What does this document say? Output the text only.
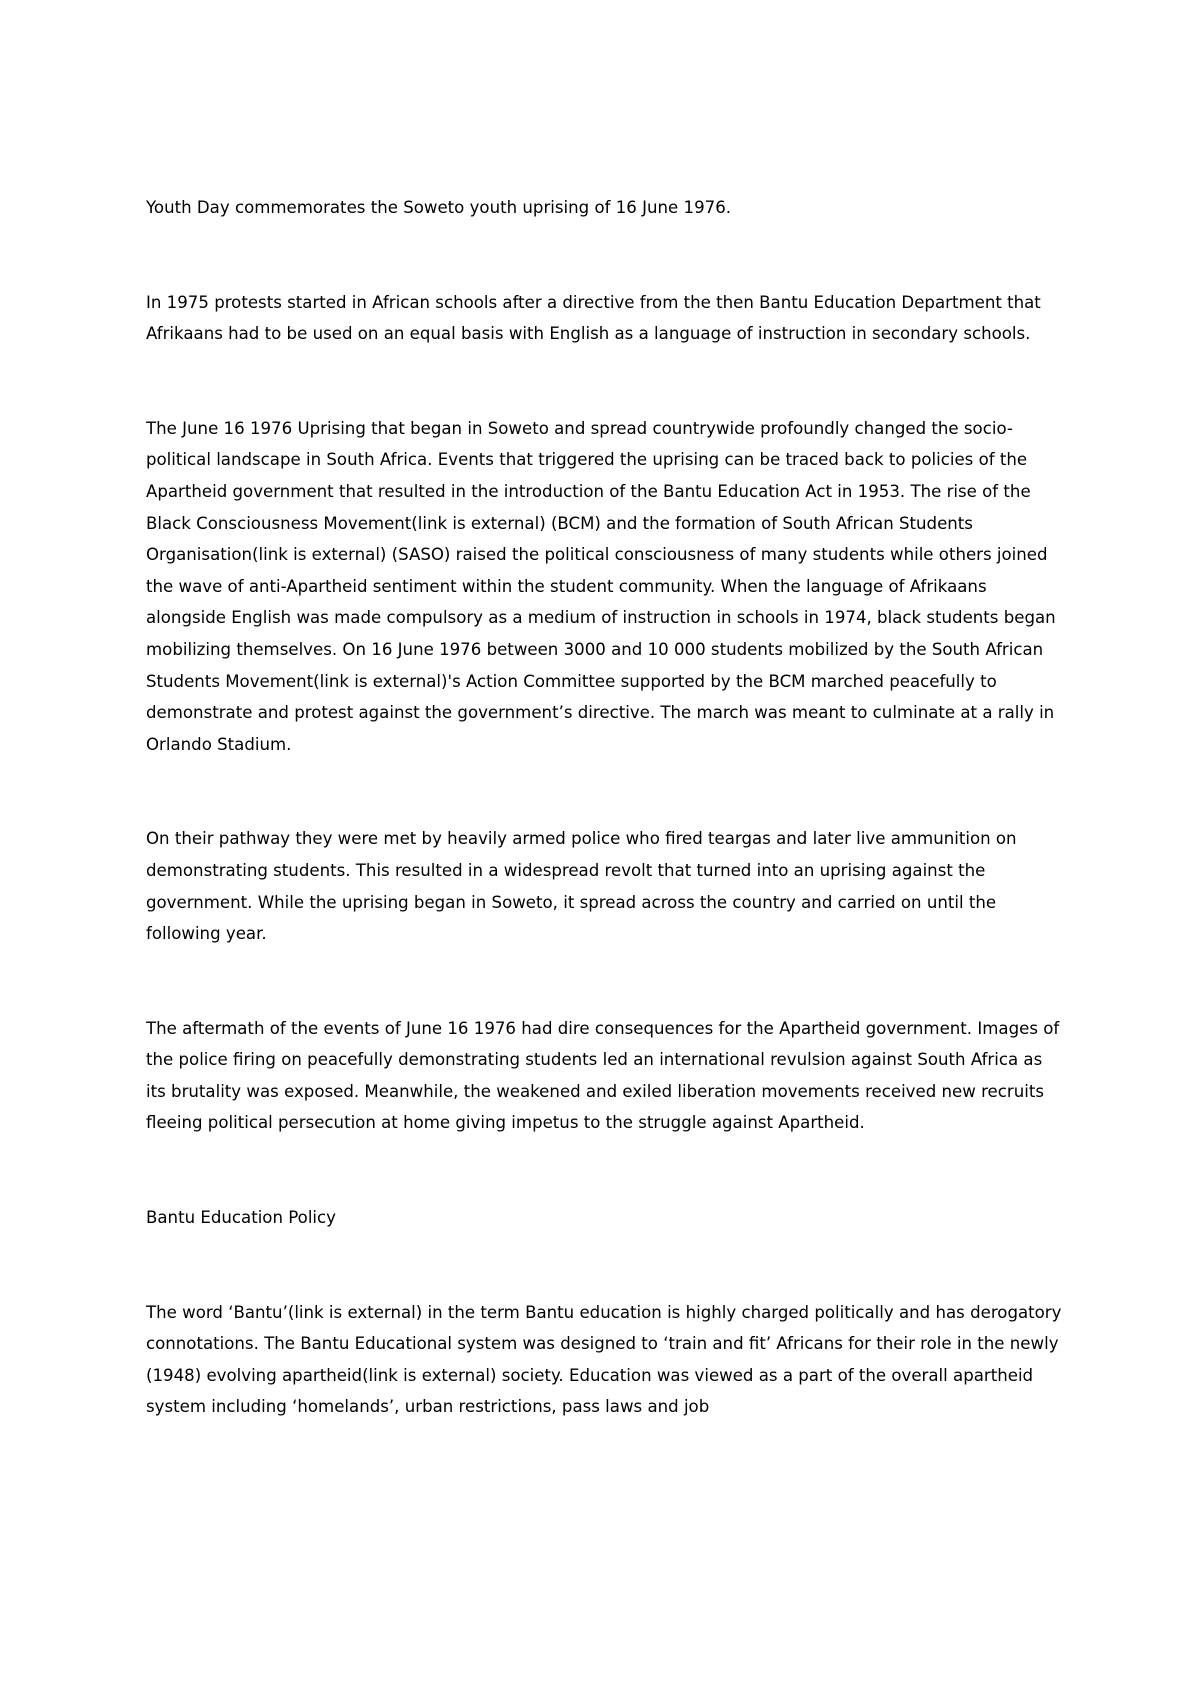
Youth Day commemorates the Soweto youth uprising of 16 June 1976.

In 1975 protests started in African schools after a directive from the then Bantu Education Department that Afrikaans had to be used on an equal basis with English as a language of instruction in secondary schools.

The June 16 1976 Uprising that began in Soweto and spread countrywide profoundly changed the socio-political landscape in South Africa. Events that triggered the uprising can be traced back to policies of the Apartheid government that resulted in the introduction of the Bantu Education Act in 1953. The rise of the Black Consciousness Movement(link is external) (BCM) and the formation of South African Students Organisation(link is external) (SASO) raised the political consciousness of many students while others joined the wave of anti-Apartheid sentiment within the student community. When the language of Afrikaans alongside English was made compulsory as a medium of instruction in schools in 1974, black students began mobilizing themselves. On 16 June 1976 between 3000 and 10 000 students mobilized by the South African Students Movement(link is external)'s Action Committee supported by the BCM marched peacefully to demonstrate and protest against the government’s directive. The march was meant to culminate at a rally in Orlando Stadium.

On their pathway they were met by heavily armed police who fired teargas and later live ammunition on demonstrating students. This resulted in a widespread revolt that turned into an uprising against the government. While the uprising began in Soweto, it spread across the country and carried on until the following year.

The aftermath of the events of June 16 1976 had dire consequences for the Apartheid government. Images of the police firing on peacefully demonstrating students led an international revulsion against South Africa as its brutality was exposed. Meanwhile, the weakened and exiled liberation movements received new recruits fleeing political persecution at home giving impetus to the struggle against Apartheid.

Bantu Education Policy

The word ‘Bantu’(link is external) in the term Bantu education is highly charged politically and has derogatory connotations. The Bantu Educational system was designed to ‘train and fit’ Africans for their role in the newly (1948) evolving apartheid(link is external) society. Education was viewed as a part of the overall apartheid system including ‘homelands’, urban restrictions, pass laws and job
